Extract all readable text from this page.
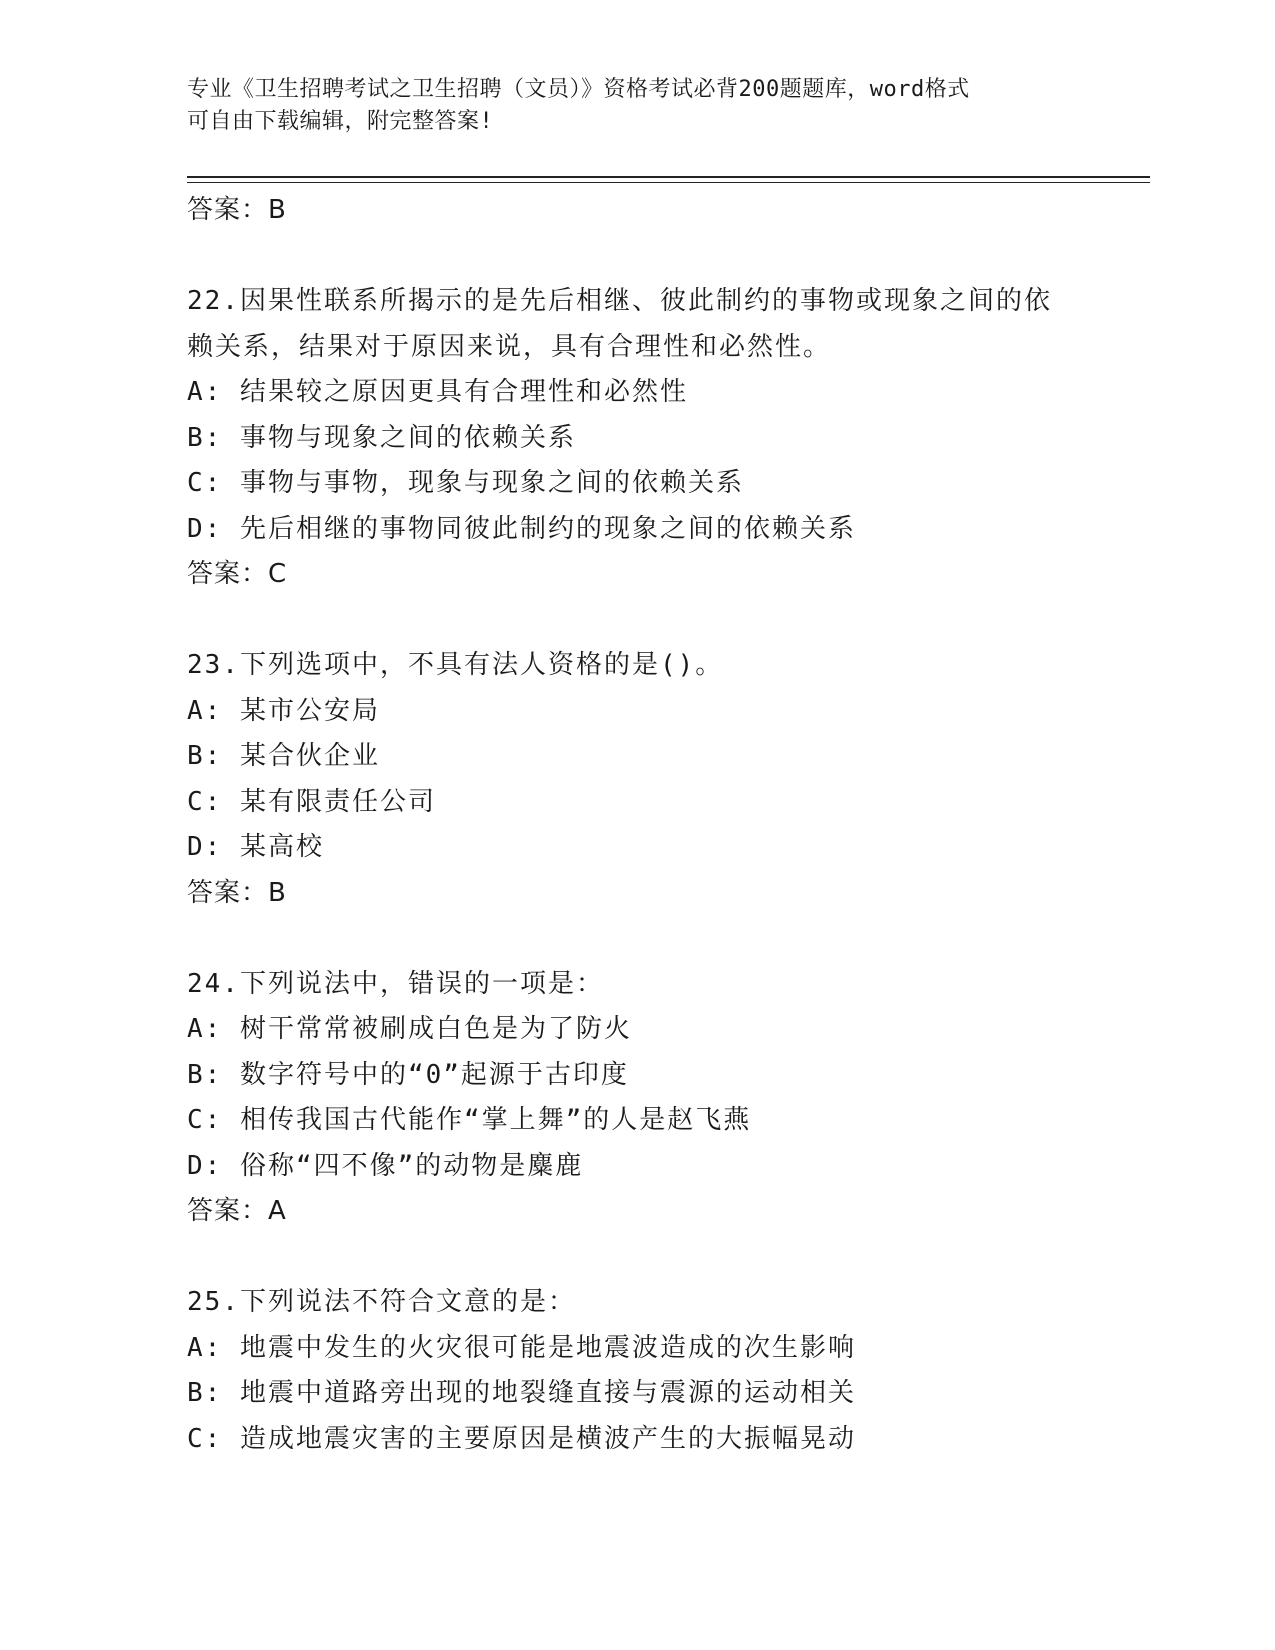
专业《卫生招聘考试之卫生招聘（文员）》资格考试必背200题题库，word格式
可自由下载编辑，附完整答案!
答案：B
22.因果性联系所揭示的是先后相继、彼此制约的事物或现象之间的依
赖关系，结果对于原因来说，具有合理性和必然性。
A: 结果较之原因更具有合理性和必然性
B: 事物与现象之间的依赖关系
C: 事物与事物，现象与现象之间的依赖关系
D: 先后相继的事物同彼此制约的现象之间的依赖关系
答案：C
23.下列选项中，不具有法人资格的是()。
A: 某市公安局
B: 某合伙企业
C: 某有限责任公司
D: 某高校
答案：B
24.下列说法中，错误的一项是：
A: 树干常常被刷成白色是为了防火
B: 数字符号中的“0”起源于古印度
C: 相传我国古代能作“掌上舞”的人是赵飞燕
D: 俗称“四不像”的动物是麋鹿
答案：A
25.下列说法不符合文意的是：
A: 地震中发生的火灾很可能是地震波造成的次生影响
B: 地震中道路旁出现的地裂缝直接与震源的运动相关
C: 造成地震灾害的主要原因是横波产生的大振幅晃动
